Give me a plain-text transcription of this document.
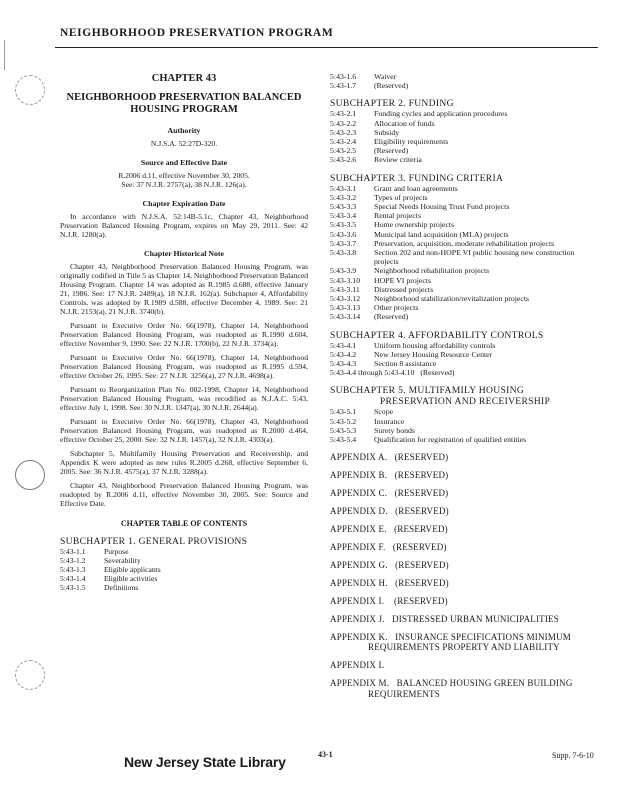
NEIGHBORHOOD PRESERVATION PROGRAM
CHAPTER 43
NEIGHBORHOOD PRESERVATION BALANCED HOUSING PROGRAM
Authority
N.J.S.A. 52:27D-320.
Source and Effective Date
R.2006 d.11, effective November 30, 2005.
See: 37 N.J.R. 2757(a), 38 N.J.R. 126(a).
Chapter Expiration Date
In accordance with N.J.S.A. 52:14B-5.1c, Chapter 43, Neighborhood Preservation Balanced Housing Program, expires on May 29, 2011. See: 42 N.J.R. 1280(a).
Chapter Historical Note
Chapter 43, Neighborhood Preservation Balanced Housing Program, was originally codified in Title 5 as Chapter 14, Neighborhood Preservation Balanced Housing Program. Chapter 14 was adopted as R.1985 d.688, effective January 21, 1986. See: 17 N.J.R. 2489(a), 18 N.J.R. 162(a). Subchapter 4, Affordability Controls, was adopted by R.1989 d.588, effective December 4, 1989. See: 21 N.J.R. 2153(a), 21 N.J.R. 3740(b).
Pursuant to Executive Order No. 66(1978), Chapter 14, Neighborhood Preservation Balanced Housing Program, was readopted as R.1990 d.604, effective November 9, 1990. See: 22 N.J.R. 1700(b), 22 N.J.R. 3734(a).
Pursuant to Executive Order No. 66(1978), Chapter 14, Neighborhood Preservation Balanced Housing Program, was readopted as R.1995 d.594, effective October 26, 1995. See: 27 N.J.R. 3256(a), 27 N.J.R. 4698(a).
Pursuant to Reorganization Plan No. 002-1998, Chapter 14, Neighborhood Preservation Balanced Housing Program, was recodified as N.J.A.C. 5:43, effective July 1, 1998. See: 30 N.J.R. 1347(a), 30 N.J.R. 2644(a).
Pursuant to Executive Order No. 66(1978), Chapter 43, Neighborhood Preservation Balanced Housing Program, was readopted as R.2000 d.464, effective October 25, 2000. See: 32 N.J.R. 1457(a), 32 N.J.R. 4303(a).
Subchapter 5, Multifamily Housing Preservation and Receivership, and Appendix K were adopted as new rules R.2005 d.268, effective September 6, 2005. See: 36 N.J.R. 4575(a), 37 N.J.R. 3288(a).
Chapter 43, Neighborhood Preservation Balanced Housing Program, was readopted by R.2006 d.11, effective November 30, 2005. See: Source and Effective Date.
CHAPTER TABLE OF CONTENTS
SUBCHAPTER 1. GENERAL PROVISIONS
5:43-1.1	Purpose
5:43-1.2	Severability
5:43-1.3	Eligible applicants
5:43-1.4	Eligible activities
5:43-1.5	Definitions
5:43-1.6	Waiver
5:43-1.7	(Reserved)
SUBCHAPTER 2. FUNDING
5:43-2.1	Funding cycles and application procedures
5:43-2.2	Allocation of funds
5:43-2.3	Subsidy
5:43-2.4	Eligibility requirements
5:43-2.5	(Reserved)
5:43-2.6	Review criteria
SUBCHAPTER 3. FUNDING CRITERIA
5:43-3.1	Grant and loan agreements
5:43-3.2	Types of projects
5:43-3.3	Special Needs Housing Trust Fund projects
5:43-3.4	Rental projects
5:43-3.5	Home ownership projects
5:43-3.6	Municipal land acquisition (MLA) projects
5:43-3.7	Preservation, acquisition, moderate rehabilitation projects
5:43-3.8	Section 202 and non-HOPE VI public housing new construction projects
5:43-3.9	Neighborhood rehabilitation projects
5:43-3.10	HOPE VI projects
5:43-3.11	Distressed projects
5:43-3.12	Neighborhood stabilization/revitalization projects
5:43-3.13	Other projects
5:43-3.14	(Reserved)
SUBCHAPTER 4. AFFORDABILITY CONTROLS
5:43-4.1	Uniform housing affordability controls
5:43-4.2	New Jersey Housing Resource Center
5:43-4.3	Section 8 assistance
5:43-4.4 through 5:43-4.10 (Reserved)
SUBCHAPTER 5. MULTIFAMILY HOUSING
PRESERVATION AND RECEIVERSHIP
5:43-5.1	Scope
5:43-5.2	Insurance
5:43-5.3	Surety bonds
5:43-5.4	Qualification for registration of qualified entities
APPENDIX A. (RESERVED)
APPENDIX B. (RESERVED)
APPENDIX C. (RESERVED)
APPENDIX D. (RESERVED)
APPENDIX E. (RESERVED)
APPENDIX F. (RESERVED)
APPENDIX G. (RESERVED)
APPENDIX H. (RESERVED)
APPENDIX I. (RESERVED)
APPENDIX J. DISTRESSED URBAN MUNICIPALITIES
APPENDIX K. INSURANCE SPECIFICATIONS MINIMUM
REQUIREMENTS PROPERTY AND LIABILITY
APPENDIX L
APPENDIX M. BALANCED HOUSING GREEN BUILDING
REQUIREMENTS
New Jersey State Library	43-1	Supp. 7-6-10
